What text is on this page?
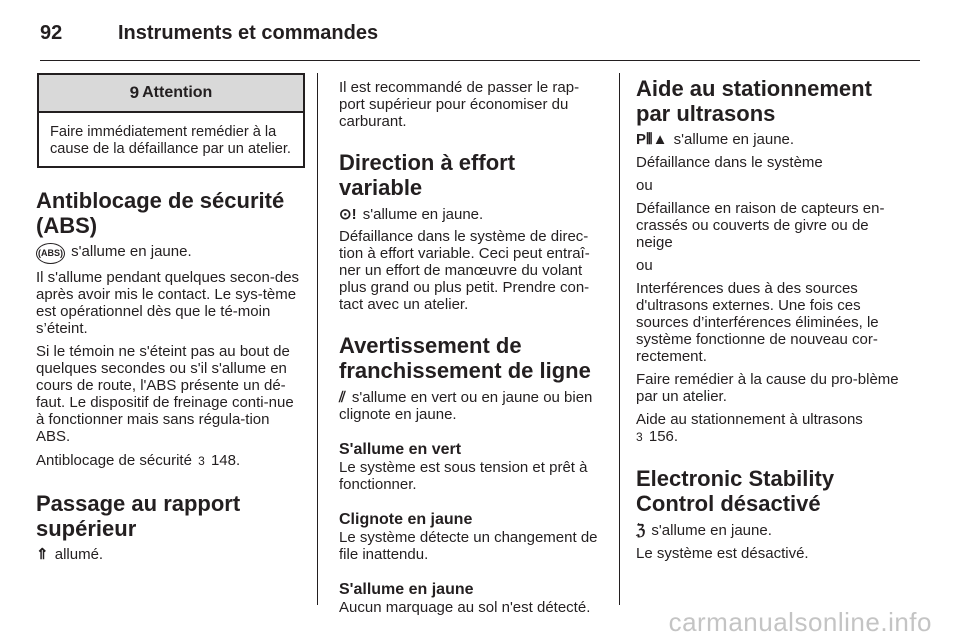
92	Instruments et commandes
9 Attention
Faire immédiatement remédier à la cause de la défaillance par un atelier.
Antiblocage de sécurité (ABS)

(ABS) s'allume en jaune.

Il s'allume pendant quelques secon-des après avoir mis le contact. Le sys-tème est opérationnel dès que le té-moin s’éteint.

Si le témoin ne s'éteint pas au bout de quelques secondes ou s'il s'allume en cours de route, l'ABS présente un dé-faut. Le dispositif de freinage conti-nue à fonctionner mais sans régula-tion ABS.

Antiblocage de sécurité 3 148.

Passage au rapport supérieur

⇑ allumé.

Il est recommandé de passer le rap-port supérieur pour économiser du carburant.

Direction à effort variable

⊙! s'allume en jaune.

Défaillance dans le système de direc-tion à effort variable. Ceci peut entraî-ner un effort de manœuvre du volant plus grand ou plus petit. Prendre con-tact avec un atelier.

Avertissement de franchissement de ligne

⫽ s'allume en vert ou en jaune ou bien clignote en jaune.

S'allume en vert

Le système est sous tension et prêt à fonctionner.

Clignote en jaune

Le système détecte un changement de file inattendu.

S'allume en jaune

Aucun marquage au sol n'est détecté.

Aide au stationnement par ultrasons

P⦀▲ s'allume en jaune.

Défaillance dans le système

ou

Défaillance en raison de capteurs en-crassés ou couverts de givre ou de neige

ou

Interférences dues à des sources d'ultrasons externes. Une fois ces sources d’interférences éliminées, le système fonctionne de nouveau cor-rectement.

Faire remédier à la cause du pro-blème par un atelier.

Aide au stationnement à ultrasons
3 156.

Electronic Stability Control désactivé

ℨ s'allume en jaune.

Le système est désactivé.

carmanualsonline.info
